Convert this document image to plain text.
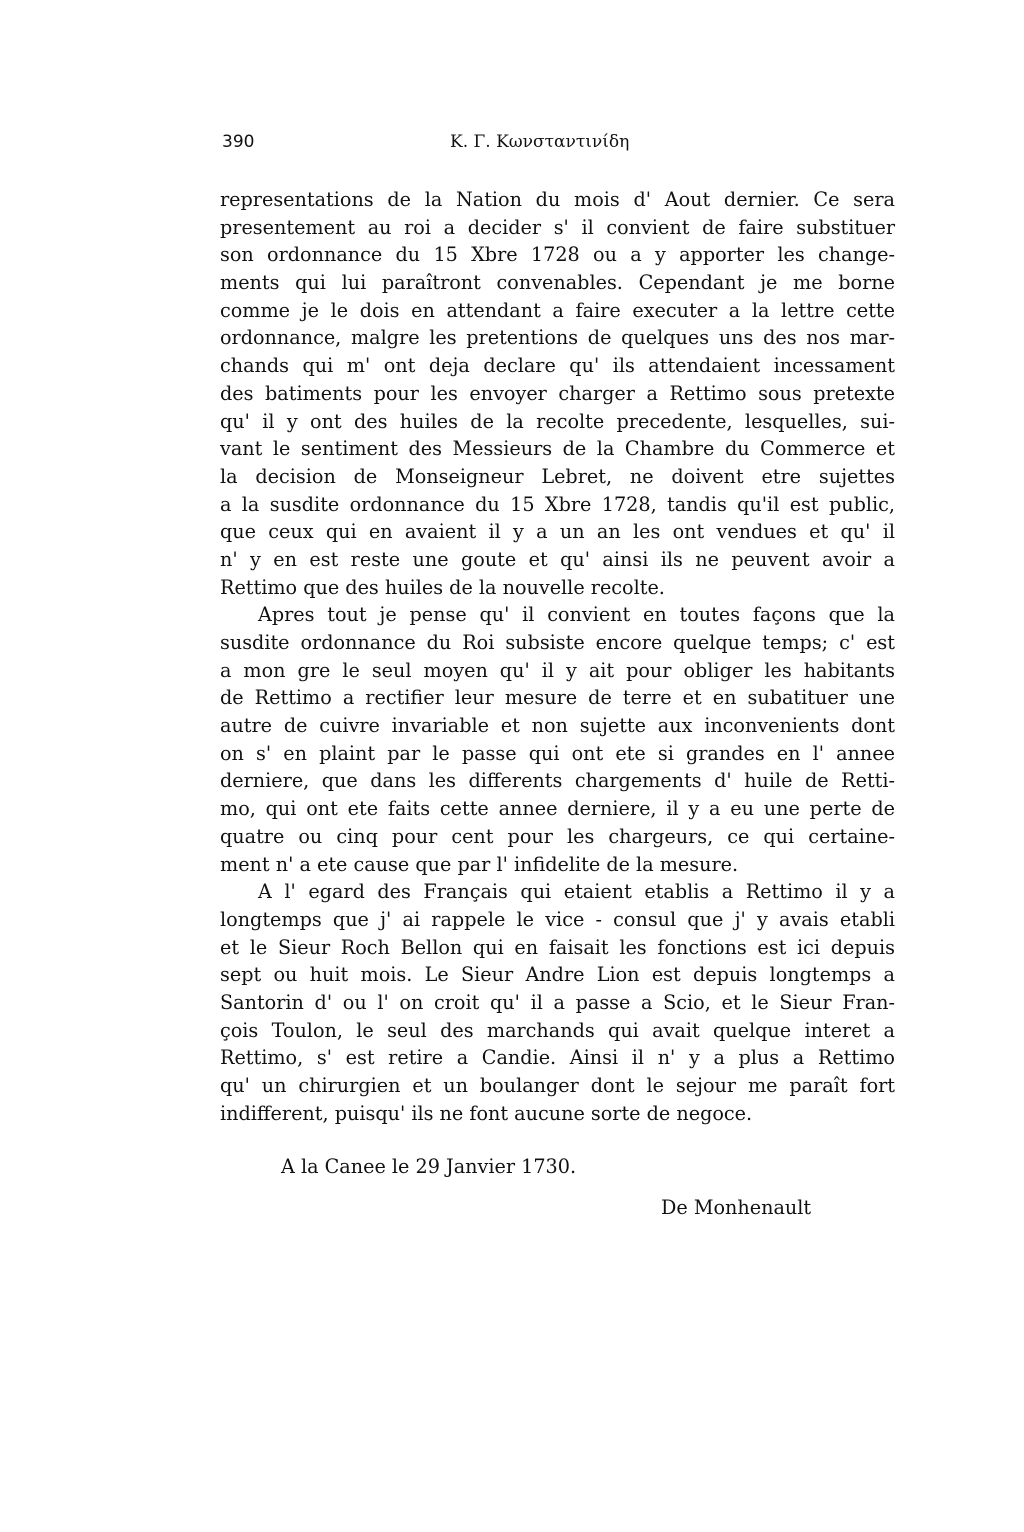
390	K. Γ. Κωνσταντινίδη
representations de la Nation du mois d' Aout dernier. Ce sera
presentement au roi a decider s' il convient de faire substituer
son ordonnance du 15 Xbre 1728 ou a y apporter les change-
ments qui lui paraîtront convenables. Cependant je me borne
comme je le dois en attendant a faire executer a la lettre cette
ordonnance, malgre les pretentions de quelques uns des nos mar-
chands qui m' ont deja declare qu' ils attendaient incessament
des batiments pour les envoyer charger a Rettimo sous pretexte
qu' il y ont des huiles de la recolte precedente, lesquelles, sui-
vant le sentiment des Messieurs de la Chambre du Commerce et
la decision de Monseigneur Lebret, ne doivent etre sujettes
a la susdite ordonnance du 15 Xbre 1728, tandis qu'il est public,
que ceux qui en avaient il y a un an les ont vendues et qu' il
n' y en est reste une goute et qu' ainsi ils ne peuvent avoir a
Rettimo que des huiles de la nouvelle recolte.
Apres tout je pense qu' il convient en toutes façons que la
susdite ordonnance du Roi subsiste encore quelque temps; c' est
a mon gre le seul moyen qu' il y ait pour obliger les habitants
de Rettimo a rectifier leur mesure de terre et en subatituer une
autre de cuivre invariable et non sujette aux inconvenients dont
on s' en plaint par le passe qui ont ete si grandes en l' annee
derniere, que dans les differents chargements d' huile de Retti-
mo, qui ont ete faits cette annee derniere, il y a eu une perte de
quatre ou cinq pour cent pour les chargeurs, ce qui certaine-
ment n' a ete cause que par l' infidelite de la mesure.
A l' egard des Français qui etaient etablis a Rettimo il y a
longtemps que j' ai rappele le vice - consul que j' y avais etabli
et le Sieur Roch Bellon qui en faisait les fonctions est ici depuis
sept ou huit mois. Le Sieur Andre Lion est depuis longtemps a
Santorin d' ou l' on croit qu' il a passe a Scio, et le Sieur Fran-
çois Toulon, le seul des marchands qui avait quelque interet a
Rettimo, s' est retire a Candie. Ainsi il n' y a plus a Rettimo
qu' un chirurgien et un boulanger dont le sejour me paraît fort
indifferent, puisqu' ils ne font aucune sorte de negoce.
A la Canee le 29 Janvier 1730.
De Monhenault
